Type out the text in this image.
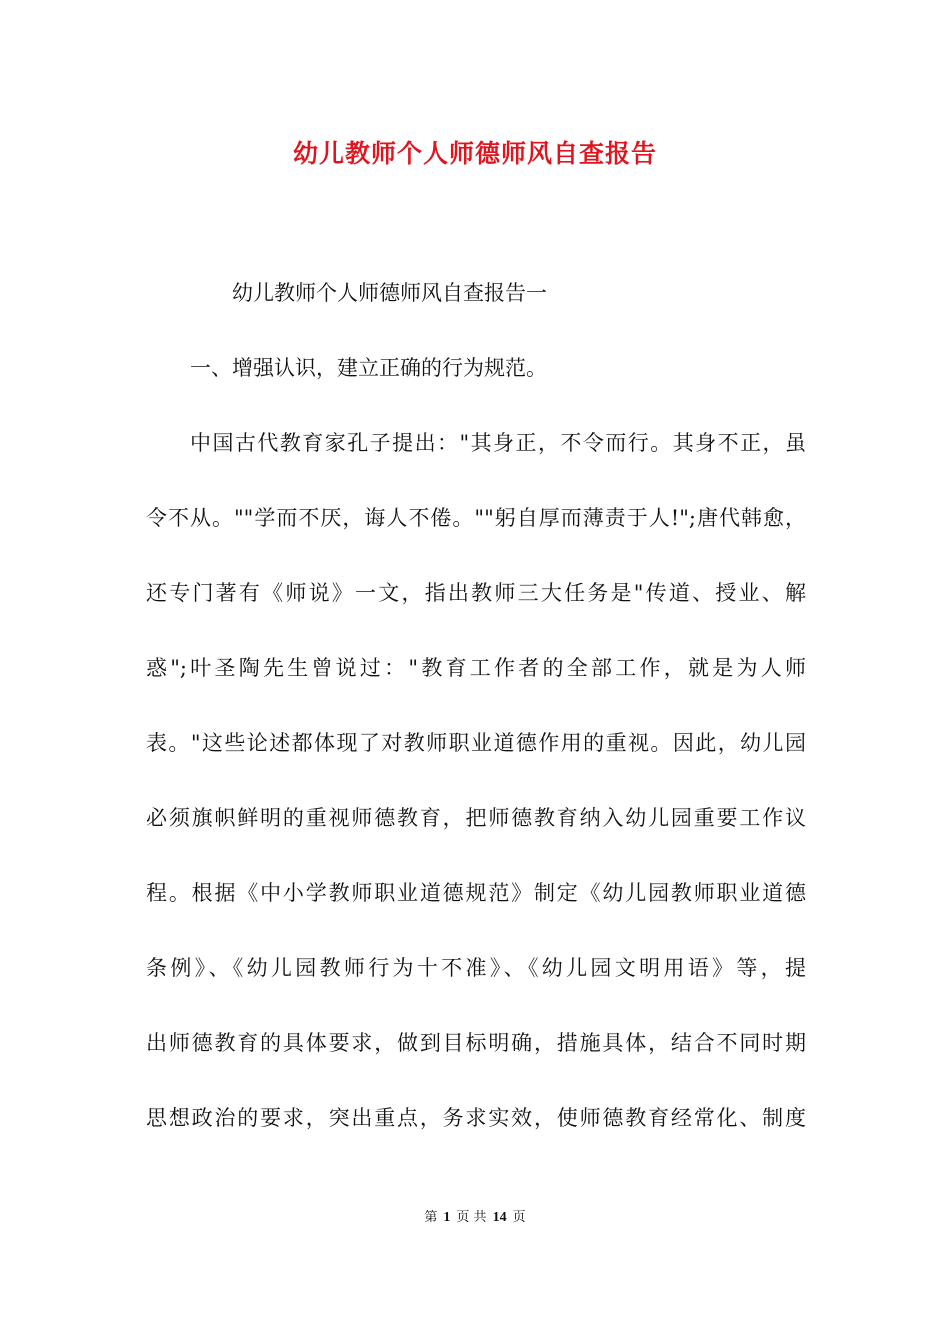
幼儿教师个人师德师风自查报告

幼儿教师个人师德师风自查报告一

一、增强认识，建立正确的行为规范。

中国古代教育家孔子提出："其身正，不令而行。其身不正，虽
令不从。""学而不厌，诲人不倦。""躬自厚而薄责于人!";唐代韩愈，
还专门著有《师说》一文，指出教师三大任务是"传道、授业、解
惑";叶圣陶先生曾说过："教育工作者的全部工作，就是为人师
表。"这些论述都体现了对教师职业道德作用的重视。因此，幼儿园
必须旗帜鲜明的重视师德教育，把师德教育纳入幼儿园重要工作议
程。根据《中小学教师职业道德规范》制定《幼儿园教师职业道德
条例》、《幼儿园教师行为十不准》、《幼儿园文明用语》等，提
出师德教育的具体要求，做到目标明确，措施具体，结合不同时期
思想政治的要求，突出重点，务求实效，使师德教育经常化、制度
第 1 页 共 14 页
